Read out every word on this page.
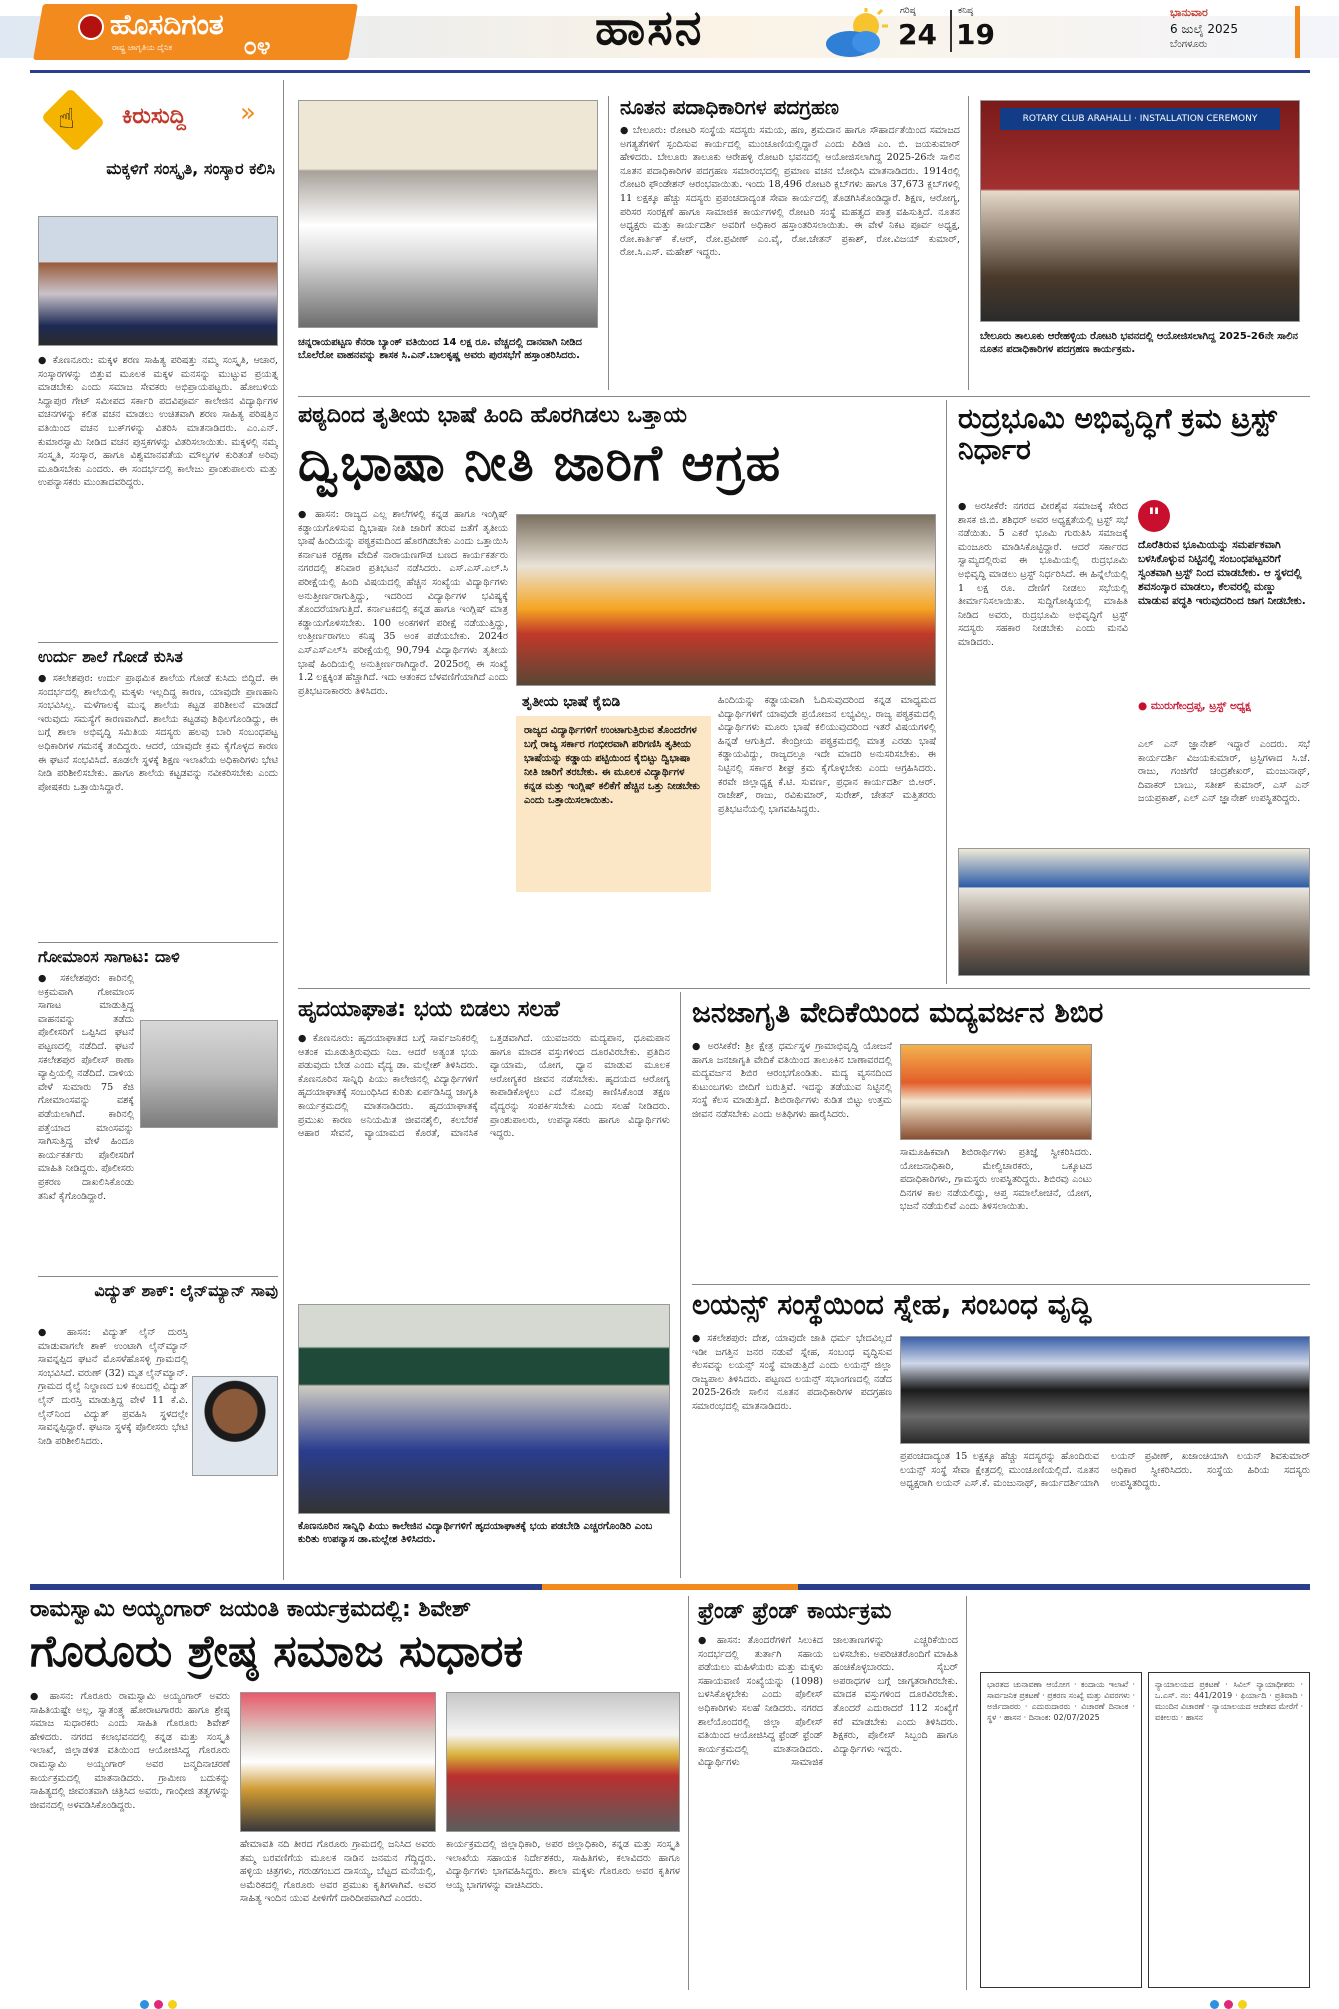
ಹೊಸದಿಗಂತ
ರಾಷ್ಟ್ರ ಜಾಗೃತಿಯ ದೈನಿಕ	೦೪	ಹಾಸನ	ಗರಿಷ್ಠ
24
ಕನಿಷ್ಠ
19
ಭಾನುವಾರ
6 ಜುಲೈ 2025
ಬೆಂಗಳೂರು
☝ ಕಿರುಸುದ್ದಿ	»
ಮಕ್ಕಳಿಗೆ ಸಂಸ್ಕೃತಿ, ಸಂಸ್ಕಾರ ಕಲಿಸಿ
● ಕೊಣನೂರು: ಮಕ್ಕಳ ಶರಣ ಸಾಹಿತ್ಯ ಪರಿಷತ್ತು ನಮ್ಮ ಸಂಸ್ಕೃತಿ, ಆಚಾರ, ಸಂಸ್ಕಾರಗಳನ್ನು ಬಿತ್ತುವ ಮೂಲಕ ಮಕ್ಕಳ ಮನಸನ್ನು ಮುಟ್ಟುವ ಪ್ರಯತ್ನ ಮಾಡಬೇಕು ಎಂದು ಸಮಾಜ ಸೇವಕರು ಅಭಿಪ್ರಾಯಪಟ್ಟರು. ಹೋಬಳಿಯ ಸಿದ್ದಾಪುರ ಗೇಟ್ ಸಮೀಪದ ಸರ್ಕಾರಿ ಪದವಿಪೂರ್ವ ಕಾಲೇಜಿನ ವಿದ್ಯಾರ್ಥಿಗಳ ವಚನಗಳನ್ನು ಕಲಿತ ವಚನ ಮಾಡಲು ಉಚಿತವಾಗಿ ಶರಣ ಸಾಹಿತ್ಯ ಪರಿಷತ್ತಿನ ವತಿಯಿಂದ ವಚನ ಬುಕ್‌ಗಳನ್ನು ವಿತರಿಸಿ ಮಾತನಾಡಿದರು. ಎಂ.ಎನ್. ಕುಮಾರಸ್ವಾಮಿ ನೀಡಿದ ವಚನ ಪುಸ್ತಕಗಳನ್ನು ವಿತರಿಸಲಾಯಿತು. ಮಕ್ಕಳಲ್ಲಿ ನಮ್ಮ ಸಂಸ್ಕೃತಿ, ಸಂಸ್ಕಾರ, ಹಾಗೂ ವಿಶ್ವಮಾನವತೆಯ ಮೌಲ್ಯಗಳ ಕುರಿತಂತೆ ಅರಿವು ಮೂಡಿಸಬೇಕು ಎಂದರು. ಈ ಸಂದರ್ಭದಲ್ಲಿ ಕಾಲೇಜು ಪ್ರಾಂಶುಪಾಲರು ಮತ್ತು ಉಪನ್ಯಾಸಕರು ಮುಂತಾದವರಿದ್ದರು.
ಉರ್ದು ಶಾಲೆ ಗೋಡೆ ಕುಸಿತ
● ಸಕಲೇಶಪುರ: ಉರ್ದು ಪ್ರಾಥಮಿಕ ಶಾಲೆಯ ಗೋಡೆ ಕುಸಿದು ಬಿದ್ದಿದೆ. ಈ ಸಂದರ್ಭದಲ್ಲಿ ಶಾಲೆಯಲ್ಲಿ ಮಕ್ಕಳು ಇಲ್ಲದಿದ್ದ ಕಾರಣ, ಯಾವುದೇ ಪ್ರಾಣಹಾನಿ ಸಂಭವಿಸಿಲ್ಲ. ಮಳೆಗಾಲಕ್ಕೆ ಮುನ್ನ ಶಾಲೆಯ ಕಟ್ಟಡ ಪರಿಶೀಲನೆ ಮಾಡದೆ ಇರುವುದು ಸಮಸ್ಯೆಗೆ ಕಾರಣವಾಗಿದೆ. ಶಾಲೆಯ ಕಟ್ಟಡವು ಶಿಥಿಲಗೊಂಡಿದ್ದು, ಈ ಬಗ್ಗೆ ಶಾಲಾ ಅಭಿವೃದ್ಧಿ ಸಮಿತಿಯ ಸದಸ್ಯರು ಹಲವು ಬಾರಿ ಸಂಬಂಧಪಟ್ಟ ಅಧಿಕಾರಿಗಳ ಗಮನಕ್ಕೆ ತಂದಿದ್ದರು. ಆದರೆ, ಯಾವುದೇ ಕ್ರಮ ಕೈಗೊಳ್ಳದ ಕಾರಣ ಈ ಘಟನೆ ಸಂಭವಿಸಿದೆ. ಕೂಡಲೇ ಸ್ಥಳಕ್ಕೆ ಶಿಕ್ಷಣ ಇಲಾಖೆಯ ಅಧಿಕಾರಿಗಳು ಭೇಟಿ ನೀಡಿ ಪರಿಶೀಲಿಸಬೇಕು. ಹಾಗೂ ಶಾಲೆಯ ಕಟ್ಟಡವನ್ನು ನವೀಕರಿಸಬೇಕು ಎಂದು ಪೋಷಕರು ಒತ್ತಾಯಿಸಿದ್ದಾರೆ.
ಗೋಮಾಂಸ ಸಾಗಾಟ: ದಾಳಿ
● ಸಕಲೇಶಪುರ: ಕಾರಿನಲ್ಲಿ ಅಕ್ರಮವಾಗಿ ಗೋಮಾಂಸ ಸಾಗಾಟ ಮಾಡುತ್ತಿದ್ದ ವಾಹನವನ್ನು ತಡೆದು ಪೊಲೀಸರಿಗೆ ಒಪ್ಪಿಸಿದ ಘಟನೆ ಪಟ್ಟಣದಲ್ಲಿ ನಡೆದಿದೆ. ಘಟನೆ ಸಕಲೇಶಪುರ ಪೊಲೀಸ್ ಠಾಣಾ ವ್ಯಾಪ್ತಿಯಲ್ಲಿ ನಡೆದಿದೆ. ದಾಳಿಯ ವೇಳೆ ಸುಮಾರು 75 ಕೆಜಿ ಗೋಮಾಂಸವನ್ನು ವಶಕ್ಕೆ ಪಡೆಯಲಾಗಿದೆ. ಕಾರಿನಲ್ಲಿ ಪತ್ತೆಯಾದ ಮಾಂಸವನ್ನು ಸಾಗಿಸುತ್ತಿದ್ದ ವೇಳೆ ಹಿಂದೂ ಕಾರ್ಯಕರ್ತರು ಪೊಲೀಸರಿಗೆ ಮಾಹಿತಿ ನೀಡಿದ್ದರು. ಪೊಲೀಸರು ಪ್ರಕರಣ ದಾಖಲಿಸಿಕೊಂಡು ತನಿಖೆ ಕೈಗೊಂಡಿದ್ದಾರೆ.
ವಿದ್ಯುತ್ ಶಾಕ್: ಲೈನ್‌ಮ್ಯಾನ್ ಸಾವು
● ಹಾಸನ: ವಿದ್ಯುತ್ ಲೈನ್ ದುರಸ್ತಿ ಮಾಡುವಾಗಲೇ ಶಾಕ್ ಉಂಟಾಗಿ ಲೈನ್‌ಮ್ಯಾನ್ ಸಾವನ್ನಪ್ಪಿದ ಘಟನೆ ಮೊಸಳೆಹೊಸಳ್ಳಿ ಗ್ರಾಮದಲ್ಲಿ ಸಂಭವಿಸಿದೆ. ವರುಣ್ (32) ಮೃತ ಲೈನ್‌ಮ್ಯಾನ್. ಗ್ರಾಮದ ರೈಲ್ವೆ ನಿಲ್ದಾಣದ ಬಳಿ ಕಂಬದಲ್ಲಿ ವಿದ್ಯುತ್ ಲೈನ್ ದುರಸ್ತಿ ಮಾಡುತ್ತಿದ್ದ ವೇಳೆ 11 ಕೆ.ವಿ. ಲೈನ್‌ನಿಂದ ವಿದ್ಯುತ್ ಪ್ರವಹಿಸಿ ಸ್ಥಳದಲ್ಲೇ ಸಾವನ್ನಪ್ಪಿದ್ದಾರೆ. ಘಟನಾ ಸ್ಥಳಕ್ಕೆ ಪೊಲೀಸರು ಭೇಟಿ ನೀಡಿ ಪರಿಶೀಲಿಸಿದರು.
ಚನ್ನರಾಯಪಟ್ಟಣ ಕೆನರಾ ಬ್ಯಾಂಕ್ ವತಿಯಿಂದ 14 ಲಕ್ಷ ರೂ. ವೆಚ್ಚದಲ್ಲಿ ದಾನವಾಗಿ ನೀಡಿದ ಬೊಲೆರೋ ವಾಹನವನ್ನು ಶಾಸಕ ಸಿ.ಎನ್.ಬಾಲಕೃಷ್ಣ ಅವರು ಪುರಸಭೆಗೆ ಹಸ್ತಾಂತರಿಸಿದರು.
ನೂತನ ಪದಾಧಿಕಾರಿಗಳ ಪದಗ್ರಹಣ
● ಬೇಲೂರು: ರೋಟರಿ ಸಂಸ್ಥೆಯ ಸದಸ್ಯರು ಸಮಯ, ಹಣ, ಶ್ರಮದಾನ ಹಾಗೂ ಸೌಹಾರ್ದತೆಯಿಂದ ಸಮಾಜದ ಅಗತ್ಯತೆಗಳಿಗೆ ಸ್ಪಂದಿಸುವ ಕಾರ್ಯದಲ್ಲಿ ಮುಂಚೂಣಿಯಲ್ಲಿದ್ದಾರೆ ಎಂದು ಪಿಡಿಜಿ ಎಂ. ಬಿ. ಜಯಕುಮಾರ್ ಹೇಳಿದರು. ಬೇಲೂರು ತಾಲೂಕು ಆರೇಹಳ್ಳಿ ರೋಟರಿ ಭವನದಲ್ಲಿ ಆಯೋಜಿಸಲಾಗಿದ್ದ 2025-26ನೇ ಸಾಲಿನ ನೂತನ ಪದಾಧಿಕಾರಿಗಳ ಪದಗ್ರಹಣ ಸಮಾರಂಭದಲ್ಲಿ ಪ್ರಮಾಣ ವಚನ ಬೋಧಿಸಿ ಮಾತನಾಡಿದರು. 1914ರಲ್ಲಿ ರೋಟರಿ ಫೌಂಡೇಶನ್ ಆರಂಭವಾಯಿತು. ಇಂದು 18,496 ರೋಟರಿ ಕ್ಲಬ್‌ಗಳು ಹಾಗೂ 37,673 ಕ್ಲಬ್‌ಗಳಲ್ಲಿ 11 ಲಕ್ಷಕ್ಕೂ ಹೆಚ್ಚು ಸದಸ್ಯರು ಪ್ರಪಂಚದಾದ್ಯಂತ ಸೇವಾ ಕಾರ್ಯದಲ್ಲಿ ತೊಡಗಿಸಿಕೊಂಡಿದ್ದಾರೆ. ಶಿಕ್ಷಣ, ಆರೋಗ್ಯ, ಪರಿಸರ ಸಂರಕ್ಷಣೆ ಹಾಗೂ ಸಾಮಾಜಿಕ ಕಾರ್ಯಗಳಲ್ಲಿ ರೋಟರಿ ಸಂಸ್ಥೆ ಮಹತ್ವದ ಪಾತ್ರ ವಹಿಸುತ್ತಿದೆ. ನೂತನ ಅಧ್ಯಕ್ಷರು ಮತ್ತು ಕಾರ್ಯದರ್ಶಿ ಅವರಿಗೆ ಅಧಿಕಾರ ಹಸ್ತಾಂತರಿಸಲಾಯಿತು. ಈ ವೇಳೆ ನಿಕಟ ಪೂರ್ವ ಅಧ್ಯಕ್ಷ, ರೋ.ಕಾರ್ತಿಕ್ ಕೆ.ಆರ್, ರೋ.ಪ್ರವೀಣ್ ಎಂ.ವೈ, ರೋ.ಚೇತನ್ ಪ್ರಕಾಶ್, ರೋ.ವಿಜಯ್ ಕುಮಾರ್, ರೋ.ಸಿ.ಎಸ್. ಮಹೇಶ್ ಇದ್ದರು.
ROTARY CLUB ARAHALLI · INSTALLATION CEREMONY
ಬೇಲೂರು ತಾಲೂಕು ಆರೇಹಳ್ಳಿಯ ರೋಟರಿ ಭವನದಲ್ಲಿ ಆಯೋಜಿಸಲಾಗಿದ್ದ 2025-26ನೇ ಸಾಲಿನ ನೂತನ ಪದಾಧಿಕಾರಿಗಳ ಪದಗ್ರಹಣ ಕಾರ್ಯಕ್ರಮ.
ಪಠ್ಯದಿಂದ ತೃತೀಯ ಭಾಷೆ ಹಿಂದಿ ಹೊರಗಿಡಲು ಒತ್ತಾಯ
ದ್ವಿಭಾಷಾ ನೀತಿ ಜಾರಿಗೆ ಆಗ್ರಹ
● ಹಾಸನ: ರಾಜ್ಯದ ಎಲ್ಲ ಶಾಲೆಗಳಲ್ಲಿ ಕನ್ನಡ ಹಾಗೂ ಇಂಗ್ಲಿಷ್ ಕಡ್ಡಾಯಗೊಳಿಸುವ ದ್ವಿಭಾಷಾ ನೀತಿ ಜಾರಿಗೆ ತರುವ ಜತೆಗೆ ತೃತೀಯ ಭಾಷೆ ಹಿಂದಿಯನ್ನು ಪಠ್ಯಕ್ರಮದಿಂದ ಹೊರಗಿಡಬೇಕು ಎಂದು ಒತ್ತಾಯಿಸಿ ಕರ್ನಾಟಕ ರಕ್ಷಣಾ ವೇದಿಕೆ ನಾರಾಯಣಗೌಡ ಬಣದ ಕಾರ್ಯಕರ್ತರು ನಗರದಲ್ಲಿ ಶನಿವಾರ ಪ್ರತಿಭಟನೆ ನಡೆಸಿದರು. ಎಸ್.ಎಸ್.ಎಲ್.ಸಿ ಪರೀಕ್ಷೆಯಲ್ಲಿ ಹಿಂದಿ ವಿಷಯದಲ್ಲಿ ಹೆಚ್ಚಿನ ಸಂಖ್ಯೆಯ ವಿದ್ಯಾರ್ಥಿಗಳು ಅನುತ್ತೀರ್ಣರಾಗುತ್ತಿದ್ದು, ಇದರಿಂದ ವಿದ್ಯಾರ್ಥಿಗಳ ಭವಿಷ್ಯಕ್ಕೆ ತೊಂದರೆಯಾಗುತ್ತಿದೆ. ಕರ್ನಾಟಕದಲ್ಲಿ ಕನ್ನಡ ಹಾಗೂ ಇಂಗ್ಲಿಷ್ ಮಾತ್ರ ಕಡ್ಡಾಯಗೊಳಿಸಬೇಕು. 100 ಅಂಕಗಳಿಗೆ ಪರೀಕ್ಷೆ ನಡೆಯುತ್ತಿದ್ದು, ಉತ್ತೀರ್ಣರಾಗಲು ಕನಿಷ್ಠ 35 ಅಂಕ ಪಡೆಯಬೇಕು. 2024ರ ಎಸ್ಎಸ್ಎಲ್‌ಸಿ ಪರೀಕ್ಷೆಯಲ್ಲಿ 90,794 ವಿದ್ಯಾರ್ಥಿಗಳು ತೃತೀಯ ಭಾಷೆ ಹಿಂದಿಯಲ್ಲಿ ಅನುತ್ತೀರ್ಣರಾಗಿದ್ದಾರೆ. 2025ರಲ್ಲಿ ಈ ಸಂಖ್ಯೆ 1.2 ಲಕ್ಷಕ್ಕಿಂತ ಹೆಚ್ಚಾಗಿದೆ. ಇದು ಆತಂಕದ ಬೆಳವಣಿಗೆಯಾಗಿದೆ ಎಂದು ಪ್ರತಿಭಟನಾಕಾರರು ತಿಳಿಸಿದರು.
ತೃತೀಯ ಭಾಷೆ ಕೈಬಿಡಿ
ರಾಜ್ಯದ ವಿದ್ಯಾರ್ಥಿಗಳಿಗೆ ಉಂಟಾಗುತ್ತಿರುವ ತೊಂದರೆಗಳ ಬಗ್ಗೆ ರಾಜ್ಯ ಸರ್ಕಾರ ಗಂಭೀರವಾಗಿ ಪರಿಗಣಿಸಿ ತೃತೀಯ ಭಾಷೆಯನ್ನು ಕಡ್ಡಾಯ ಪಟ್ಟಿಯಿಂದ ಕೈಬಿಟ್ಟು ದ್ವಿಭಾಷಾ ನೀತಿ ಜಾರಿಗೆ ತರಬೇಕು. ಈ ಮೂಲಕ ವಿದ್ಯಾರ್ಥಿಗಳ ಕನ್ನಡ ಮತ್ತು ಇಂಗ್ಲಿಷ್ ಕಲಿಕೆಗೆ ಹೆಚ್ಚಿನ ಒತ್ತು ನೀಡಬೇಕು ಎಂದು ಒತ್ತಾಯಿಸಲಾಯಿತು.
ಹಿಂದಿಯನ್ನು ಕಡ್ಡಾಯವಾಗಿ ಓದಿಸುವುದರಿಂದ ಕನ್ನಡ ಮಾಧ್ಯಮದ ವಿದ್ಯಾರ್ಥಿಗಳಿಗೆ ಯಾವುದೇ ಪ್ರಯೋಜನ ಲಭ್ಯವಿಲ್ಲ. ರಾಜ್ಯ ಪಠ್ಯಕ್ರಮದಲ್ಲಿ ವಿದ್ಯಾರ್ಥಿಗಳು ಮೂರು ಭಾಷೆ ಕಲಿಯುವುದರಿಂದ ಇತರೆ ವಿಷಯಗಳಲ್ಲಿ ಹಿನ್ನಡೆ ಆಗುತ್ತಿದೆ. ಕೇಂದ್ರೀಯ ಪಠ್ಯಕ್ರಮದಲ್ಲಿ ಮಾತ್ರ ಎರಡು ಭಾಷೆ ಕಡ್ಡಾಯವಿದ್ದು, ರಾಜ್ಯದಲ್ಲೂ ಇದೇ ಮಾದರಿ ಅನುಸರಿಸಬೇಕು. ಈ ನಿಟ್ಟಿನಲ್ಲಿ ಸರ್ಕಾರ ಶೀಘ್ರ ಕ್ರಮ ಕೈಗೊಳ್ಳಬೇಕು ಎಂದು ಆಗ್ರಹಿಸಿದರು. ಕರವೇ ಜಿಲ್ಲಾಧ್ಯಕ್ಷ ಕೆ.ಟಿ. ಸುವರ್ಣ, ಪ್ರಧಾನ ಕಾರ್ಯದರ್ಶಿ ಬಿ.ಆರ್. ರಾಜೇಶ್, ರಾಜು, ರವಿಕುಮಾರ್, ಸುರೇಶ್, ಚೇತನ್ ಮತ್ತಿತರರು ಪ್ರತಿಭಟನೆಯಲ್ಲಿ ಭಾಗವಹಿಸಿದ್ದರು.
ರುದ್ರಭೂಮಿ ಅಭಿವೃದ್ಧಿಗೆ ಕ್ರಮ ಟ್ರಸ್ಟ್ ನಿರ್ಧಾರ
● ಅರಸೀಕೆರೆ: ನಗರದ ವೀರಶೈವ ಸಮಾಜಕ್ಕೆ ಸೇರಿದ ಶಾಸಕ ಜಿ.ಬಿ. ಶಶಿಧರ್ ಅವರ ಅಧ್ಯಕ್ಷತೆಯಲ್ಲಿ ಟ್ರಸ್ಟ್ ಸಭೆ ನಡೆಯಿತು. 5 ಎಕರೆ ಭೂಮಿ ಗುರುತಿಸಿ ಸಮಾಜಕ್ಕೆ ಮಂಜೂರು ಮಾಡಿಸಿಕೊಟ್ಟಿದ್ದಾರೆ. ಆದರೆ ಸರ್ಕಾರದ ಸ್ವಾಮ್ಯದಲ್ಲಿರುವ ಈ ಭೂಮಿಯಲ್ಲಿ ರುದ್ರಭೂಮಿ ಅಭಿವೃದ್ಧಿ ಮಾಡಲು ಟ್ರಸ್ಟ್ ನಿರ್ಧರಿಸಿದೆ. ಈ ಹಿನ್ನೆಲೆಯಲ್ಲಿ 1 ಲಕ್ಷ ರೂ. ದೇಣಿಗೆ ನೀಡಲು ಸಭೆಯಲ್ಲಿ ತೀರ್ಮಾನಿಸಲಾಯಿತು. ಸುದ್ದಿಗೋಷ್ಠಿಯಲ್ಲಿ ಮಾಹಿತಿ ನೀಡಿದ ಅವರು, ರುದ್ರಭೂಮಿ ಅಭಿವೃದ್ಧಿಗೆ ಟ್ರಸ್ಟ್ ಸದಸ್ಯರು ಸಹಕಾರ ನೀಡಬೇಕು ಎಂದು ಮನವಿ ಮಾಡಿದರು.
"
ದೊರೆತಿರುವ ಭೂಮಿಯನ್ನು ಸಮರ್ಪಕವಾಗಿ ಬಳಸಿಕೊಳ್ಳುವ ನಿಟ್ಟಿನಲ್ಲಿ ಸಂಬಂಧಪಟ್ಟವರಿಗೆ ಸ್ವಂತವಾಗಿ ಟ್ರಸ್ಟ್ ನಿಂದ ಮಾಡಬೇಕು. ಆ ಸ್ಥಳದಲ್ಲಿ ಶವಸಂಸ್ಕಾರ ಮಾಡಲು, ಕೆಲವರಲ್ಲಿ ಮಣ್ಣು ಮಾಡುವ ಪದ್ಧತಿ ಇರುವುದರಿಂದ ಜಾಗ ನೀಡಬೇಕು.
● ಮುರುಗೇಂದ್ರಪ್ಪ, ಟ್ರಸ್ಟ್ ಅಧ್ಯಕ್ಷ
ಎಲ್ ಎನ್ ಜ್ಞಾನೇಶ್ ಇದ್ದಾರೆ ಎಂದರು. ಸಭೆ ಕಾರ್ಯದರ್ಶಿ ವಿಜಯಕುಮಾರ್, ಟ್ರಸ್ಟಿಗಳಾದ ಸಿ.ಜೆ. ರಾಜು, ಗಂಜಿಗೆರೆ ಚಂದ್ರಶೇಖರ್, ಮಂಜುನಾಥ್, ದಿವಾಕರ್ ಬಾಬು, ಸತೀಶ್ ಕುಮಾರ್, ಎಸ್ ಎನ್ ಜಯಪ್ರಕಾಶ್, ಎಲ್ ಎನ್ ಜ್ಞಾನೇಶ್ ಉಪಸ್ಥಿತರಿದ್ದರು.
ಹೃದಯಾಘಾತ: ಭಯ ಬಿಡಲು ಸಲಹೆ
● ಕೊಣನೂರು: ಹೃದಯಾಘಾತದ ಬಗ್ಗೆ ಸಾರ್ವಜನಿಕರಲ್ಲಿ ಆತಂಕ ಮೂಡುತ್ತಿರುವುದು ನಿಜ. ಆದರೆ ಅತ್ಯಂತ ಭಯ ಪಡುವುದು ಬೇಡ ಎಂದು ವೈದ್ಯ ಡಾ. ಮಲ್ಲೇಶ್ ತಿಳಿಸಿದರು. ಕೊಣನೂರಿನ ಸಾನ್ನಿಧಿ ಪಿಯು ಕಾಲೇಜಿನಲ್ಲಿ ವಿದ್ಯಾರ್ಥಿಗಳಿಗೆ ಹೃದಯಾಘಾತಕ್ಕೆ ಸಂಬಂಧಿಸಿದ ಕುರಿತು ಏರ್ಪಡಿಸಿದ್ದ ಜಾಗೃತಿ ಕಾರ್ಯಕ್ರಮದಲ್ಲಿ ಮಾತನಾಡಿದರು. ಹೃದಯಾಘಾತಕ್ಕೆ ಪ್ರಮುಖ ಕಾರಣ ಅನಿಯಮಿತ ಜೀವನಶೈಲಿ, ಕಲಬೆರಕೆ ಆಹಾರ ಸೇವನೆ, ವ್ಯಾಯಾಮದ ಕೊರತೆ, ಮಾನಸಿಕ ಒತ್ತಡವಾಗಿದೆ. ಯುವಜನರು ಮದ್ಯಪಾನ, ಧೂಮಪಾನ ಹಾಗೂ ಮಾದಕ ವಸ್ತುಗಳಿಂದ ದೂರವಿರಬೇಕು. ಪ್ರತಿದಿನ ವ್ಯಾಯಾಮ, ಯೋಗ, ಧ್ಯಾನ ಮಾಡುವ ಮೂಲಕ ಆರೋಗ್ಯಕರ ಜೀವನ ನಡೆಸಬೇಕು. ಹೃದಯದ ಆರೋಗ್ಯ ಕಾಪಾಡಿಕೊಳ್ಳಲು ಎದೆ ನೋವು ಕಾಣಿಸಿಕೊಂಡ ತಕ್ಷಣ ವೈದ್ಯರನ್ನು ಸಂಪರ್ಕಿಸಬೇಕು ಎಂದು ಸಲಹೆ ನೀಡಿದರು. ಪ್ರಾಂಶುಪಾಲರು, ಉಪನ್ಯಾಸಕರು ಹಾಗೂ ವಿದ್ಯಾರ್ಥಿಗಳು ಇದ್ದರು.
ಕೊಣನೂರಿನ ಸಾನ್ನಿಧಿ ಪಿಯು ಕಾಲೇಜಿನ ವಿದ್ಯಾರ್ಥಿಗಳಿಗೆ ಹೃದಯಾಘಾತಕ್ಕೆ ಭಯ ಪಡಬೇಡಿ ಎಚ್ಚರಗೊಂಡಿರಿ ಎಂಬ ಕುರಿತು ಉಪನ್ಯಾಸ ಡಾ.ಮಲ್ಲೇಶ ತಿಳಿಸಿದರು.
ಜನಜಾಗೃತಿ ವೇದಿಕೆಯಿಂದ ಮದ್ಯವರ್ಜನ ಶಿಬಿರ
● ಅರಸೀಕೆರೆ: ಶ್ರೀ ಕ್ಷೇತ್ರ ಧರ್ಮಸ್ಥಳ ಗ್ರಾಮಾಭಿವೃದ್ಧಿ ಯೋಜನೆ ಹಾಗೂ ಜನಜಾಗೃತಿ ವೇದಿಕೆ ವತಿಯಿಂದ ತಾಲೂಕಿನ ಬಾಣಾವರದಲ್ಲಿ ಮದ್ಯವರ್ಜನ ಶಿಬಿರ ಆರಂಭಗೊಂಡಿತು. ಮದ್ಯ ವ್ಯಸನದಿಂದ ಕುಟುಂಬಗಳು ಬೀದಿಗೆ ಬರುತ್ತಿವೆ. ಇದನ್ನು ತಡೆಯುವ ನಿಟ್ಟಿನಲ್ಲಿ ಸಂಸ್ಥೆ ಕೆಲಸ ಮಾಡುತ್ತಿದೆ. ಶಿಬಿರಾರ್ಥಿಗಳು ಕುಡಿತ ಬಿಟ್ಟು ಉತ್ತಮ ಜೀವನ ನಡೆಸಬೇಕು ಎಂದು ಅತಿಥಿಗಳು ಹಾರೈಸಿದರು.
ಸಾಮೂಹಿಕವಾಗಿ ಶಿಬಿರಾರ್ಥಿಗಳು ಪ್ರತಿಜ್ಞೆ ಸ್ವೀಕರಿಸಿದರು. ಯೋಜನಾಧಿಕಾರಿ, ಮೇಲ್ವಿಚಾರಕರು, ಒಕ್ಕೂಟದ ಪದಾಧಿಕಾರಿಗಳು, ಗ್ರಾಮಸ್ಥರು ಉಪಸ್ಥಿತರಿದ್ದರು. ಶಿಬಿರವು ಎಂಟು ದಿನಗಳ ಕಾಲ ನಡೆಯಲಿದ್ದು, ಆಪ್ತ ಸಮಾಲೋಚನೆ, ಯೋಗ, ಭಜನೆ ನಡೆಯಲಿವೆ ಎಂದು ತಿಳಿಸಲಾಯಿತು.
ಲಯನ್ಸ್ ಸಂಸ್ಥೆಯಿಂದ ಸ್ನೇಹ, ಸಂಬಂಧ ವೃದ್ಧಿ
● ಸಕಲೇಶಪುರ: ದೇಶ, ಯಾವುದೇ ಜಾತಿ ಧರ್ಮ ಭೇದವಿಲ್ಲದೆ ಇಡೀ ಜಗತ್ತಿನ ಜನರ ನಡುವೆ ಸ್ನೇಹ, ಸಂಬಂಧ ವೃದ್ಧಿಸುವ ಕೆಲಸವನ್ನು ಲಯನ್ಸ್ ಸಂಸ್ಥೆ ಮಾಡುತ್ತಿದೆ ಎಂದು ಲಯನ್ಸ್ ಜಿಲ್ಲಾ ರಾಜ್ಯಪಾಲ ತಿಳಿಸಿದರು. ಪಟ್ಟಣದ ಲಯನ್ಸ್ ಸಭಾಂಗಣದಲ್ಲಿ ನಡೆದ 2025-26ನೇ ಸಾಲಿನ ನೂತನ ಪದಾಧಿಕಾರಿಗಳ ಪದಗ್ರಹಣ ಸಮಾರಂಭದಲ್ಲಿ ಮಾತನಾಡಿದರು.
ಪ್ರಪಂಚದಾದ್ಯಂತ 15 ಲಕ್ಷಕ್ಕೂ ಹೆಚ್ಚು ಸದಸ್ಯರನ್ನು ಹೊಂದಿರುವ ಲಯನ್ಸ್ ಸಂಸ್ಥೆ ಸೇವಾ ಕ್ಷೇತ್ರದಲ್ಲಿ ಮುಂಚೂಣಿಯಲ್ಲಿದೆ. ನೂತನ ಅಧ್ಯಕ್ಷರಾಗಿ ಲಯನ್ ಎಸ್.ಕೆ. ಮಂಜುನಾಥ್, ಕಾರ್ಯದರ್ಶಿಯಾಗಿ ಲಯನ್ ಪ್ರವೀಣ್, ಖಜಾಂಚಿಯಾಗಿ ಲಯನ್ ಶಿವಕುಮಾರ್ ಅಧಿಕಾರ ಸ್ವೀಕರಿಸಿದರು. ಸಂಸ್ಥೆಯ ಹಿರಿಯ ಸದಸ್ಯರು ಉಪಸ್ಥಿತರಿದ್ದರು.
ರಾಮಸ್ವಾಮಿ ಅಯ್ಯಂಗಾರ್ ಜಯಂತಿ ಕಾರ್ಯಕ್ರಮದಲ್ಲಿ: ಶಿವೇಶ್
ಗೊರೂರು ಶ್ರೇಷ್ಠ ಸಮಾಜ ಸುಧಾರಕ
● ಹಾಸನ: ಗೊರೂರು ರಾಮಸ್ವಾಮಿ ಅಯ್ಯಂಗಾರ್ ಅವರು ಸಾಹಿತಿಯಷ್ಟೇ ಅಲ್ಲ, ಸ್ವಾತಂತ್ರ್ಯ ಹೋರಾಟಗಾರರು ಹಾಗೂ ಶ್ರೇಷ್ಠ ಸಮಾಜ ಸುಧಾರಕರು ಎಂದು ಸಾಹಿತಿ ಗೊರೂರು ಶಿವೇಶ್ ಹೇಳಿದರು. ನಗರದ ಕಲಾಭವನದಲ್ಲಿ ಕನ್ನಡ ಮತ್ತು ಸಂಸ್ಕೃತಿ ಇಲಾಖೆ, ಜಿಲ್ಲಾಡಳಿತ ವತಿಯಿಂದ ಆಯೋಜಿಸಿದ್ದ ಗೊರೂರು ರಾಮಸ್ವಾಮಿ ಅಯ್ಯಂಗಾರ್ ಅವರ ಜನ್ಮದಿನಾಚರಣೆ ಕಾರ್ಯಕ್ರಮದಲ್ಲಿ ಮಾತನಾಡಿದರು. ಗ್ರಾಮೀಣ ಬದುಕನ್ನು ಸಾಹಿತ್ಯದಲ್ಲಿ ಜೀವಂತವಾಗಿ ಚಿತ್ರಿಸಿದ ಅವರು, ಗಾಂಧೀಜಿ ತತ್ವಗಳನ್ನು ಜೀವನದಲ್ಲಿ ಅಳವಡಿಸಿಕೊಂಡಿದ್ದರು.
ಹೇಮಾವತಿ ನದಿ ತೀರದ ಗೊರೂರು ಗ್ರಾಮದಲ್ಲಿ ಜನಿಸಿದ ಅವರು ತಮ್ಮ ಬರವಣಿಗೆಯ ಮೂಲಕ ನಾಡಿನ ಜನಮನ ಗೆದ್ದಿದ್ದರು. ಹಳ್ಳಿಯ ಚಿತ್ರಗಳು, ಗರುಡಗಂಬದ ದಾಸಯ್ಯ, ಬೆಟ್ಟದ ಮನೆಯಲ್ಲಿ, ಅಮೆರಿಕದಲ್ಲಿ ಗೊರೂರು ಅವರ ಪ್ರಮುಖ ಕೃತಿಗಳಾಗಿವೆ. ಅವರ ಸಾಹಿತ್ಯ ಇಂದಿನ ಯುವ ಪೀಳಿಗೆಗೆ ದಾರಿದೀಪವಾಗಿದೆ ಎಂದರು.
ಕಾರ್ಯಕ್ರಮದಲ್ಲಿ ಜಿಲ್ಲಾಧಿಕಾರಿ, ಅಪರ ಜಿಲ್ಲಾಧಿಕಾರಿ, ಕನ್ನಡ ಮತ್ತು ಸಂಸ್ಕೃತಿ ಇಲಾಖೆಯ ಸಹಾಯಕ ನಿರ್ದೇಶಕರು, ಸಾಹಿತಿಗಳು, ಕಲಾವಿದರು ಹಾಗೂ ವಿದ್ಯಾರ್ಥಿಗಳು ಭಾಗವಹಿಸಿದ್ದರು. ಶಾಲಾ ಮಕ್ಕಳು ಗೊರೂರು ಅವರ ಕೃತಿಗಳ ಆಯ್ದ ಭಾಗಗಳನ್ನು ವಾಚಿಸಿದರು.
ಫ್ರೆಂಡ್ ಫ್ರೆಂಡ್ ಕಾರ್ಯಕ್ರಮ
● ಹಾಸನ: ತೊಂದರೆಗಳಿಗೆ ಸಿಲುಕಿದ ಸಂದರ್ಭದಲ್ಲಿ ತುರ್ತಾಗಿ ಸಹಾಯ ಪಡೆಯಲು ಮಹಿಳೆಯರು ಮತ್ತು ಮಕ್ಕಳು ಸಹಾಯವಾಣಿ ಸಂಖ್ಯೆಯನ್ನು (1098) ಬಳಸಿಕೊಳ್ಳಬೇಕು ಎಂದು ಪೊಲೀಸ್ ಅಧಿಕಾರಿಗಳು ಸಲಹೆ ನೀಡಿದರು. ನಗರದ ಶಾಲೆಯೊಂದರಲ್ಲಿ ಜಿಲ್ಲಾ ಪೊಲೀಸ್ ವತಿಯಿಂದ ಆಯೋಜಿಸಿದ್ದ ಫ್ರೆಂಡ್ ಫ್ರೆಂಡ್ ಕಾರ್ಯಕ್ರಮದಲ್ಲಿ ಮಾತನಾಡಿದರು. ವಿದ್ಯಾರ್ಥಿಗಳು ಸಾಮಾಜಿಕ ಜಾಲತಾಣಗಳನ್ನು ಎಚ್ಚರಿಕೆಯಿಂದ ಬಳಸಬೇಕು. ಅಪರಿಚಿತರೊಂದಿಗೆ ಮಾಹಿತಿ ಹಂಚಿಕೊಳ್ಳಬಾರದು. ಸೈಬರ್ ಅಪರಾಧಗಳ ಬಗ್ಗೆ ಜಾಗೃತರಾಗಿರಬೇಕು. ಮಾದಕ ವಸ್ತುಗಳಿಂದ ದೂರವಿರಬೇಕು. ತೊಂದರೆ ಎದುರಾದರೆ 112 ಸಂಖ್ಯೆಗೆ ಕರೆ ಮಾಡಬೇಕು ಎಂದು ತಿಳಿಸಿದರು. ಶಿಕ್ಷಕರು, ಪೊಲೀಸ್ ಸಿಬ್ಬಂದಿ ಹಾಗೂ ವಿದ್ಯಾರ್ಥಿಗಳು ಇದ್ದರು.
ಭಾರತದ ಚುನಾವಣಾ ಆಯೋಗ · ಕಂದಾಯ ಇಲಾಖೆ · ಸಾರ್ವಜನಿಕ ಪ್ರಕಟಣೆ · ಪ್ರಕರಣ ಸಂಖ್ಯೆ ಮತ್ತು ವಿವರಗಳು · ಅರ್ಜಿದಾರರು · ಎದುರುದಾರರು · ವಿಚಾರಣೆ ದಿನಾಂಕ · ಸ್ಥಳ · ಹಾಸನ · ದಿನಾಂಕ: 02/07/2025
ನ್ಯಾಯಾಲಯದ ಪ್ರಕಟಣೆ · ಸಿವಿಲ್ ನ್ಯಾಯಾಧೀಶರು · ಒ.ಎಸ್. ನಂ: 441/2019 · ಫಿರ್ಯಾದಿ · ಪ್ರತಿವಾದಿ · ಮುಂದಿನ ವಿಚಾರಣೆ · ನ್ಯಾಯಾಲಯದ ಆದೇಶದ ಮೇರೆಗೆ · ವಕೀಲರು · ಹಾಸನ
